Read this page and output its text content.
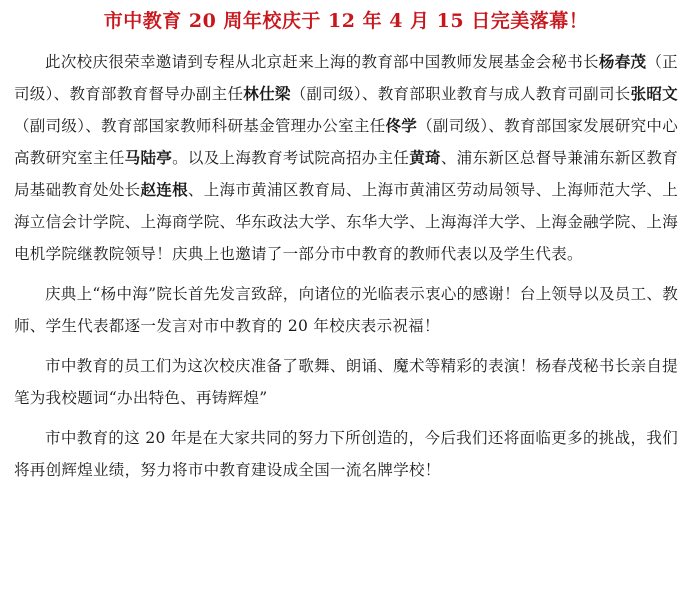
市中教育 20 周年校庆于 12 年 4 月 15 日完美落幕！

此次校庆很荣幸邀请到专程从北京赶来上海的教育部中国教师发展基金会秘书长杨春茂（正司级）、教育部教育督导办副主任林仕梁（副司级）、教育部职业教育与成人教育司副司长张昭文（副司级）、教育部国家教师科研基金管理办公室主任佟学（副司级）、教育部国家发展研究中心高教研究室主任马陆亭。以及上海教育考试院高招办主任黄琦、浦东新区总督导兼浦东新区教育局基础教育处处长赵连根、上海市黄浦区教育局、上海市黄浦区劳动局领导、上海师范大学、上海立信会计学院、上海商学院、华东政法大学、东华大学、上海海洋大学、上海金融学院、上海电机学院继教院领导！庆典上也邀请了一部分市中教育的教师代表以及学生代表。

庆典上“杨中海”院长首先发言致辞，向诸位的光临表示衷心的感谢！台上领导以及员工、教师、学生代表都逐一发言对市中教育的 20 年校庆表示祝福！

市中教育的员工们为这次校庆准备了歌舞、朗诵、魔术等精彩的表演！杨春茂秘书长亲自提笔为我校题词“办出特色、再铸辉煌”

市中教育的这 20 年是在大家共同的努力下所创造的，今后我们还将面临更多的挑战，我们将再创辉煌业绩，努力将市中教育建设成全国一流名牌学校！
